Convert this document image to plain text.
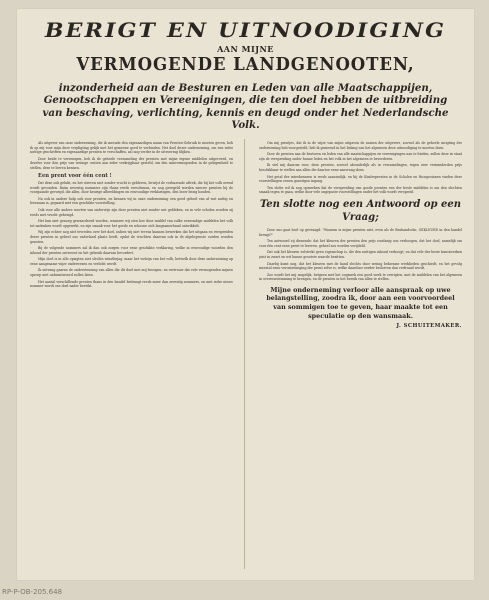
BERIGT EN UITNOODIGING
AAN MIJNE
VERMOGENDE LANDGENOOTEN,
inzonderheid aan de Besturen en Leden van alle Maatschappijen, Genootschappen en Vereenigingen, die ten doel hebben de uitbreiding van beschaving, verlichting, kennis en deugd onder het Nederlandsche Volk.

Als uitgever van onze onderneming, die ik meende den eigenaardigen naam van Prenten-Gebruik te moeten geven, heb ik op mij voor mijn dure verpligting gelijk met het gemeene goed te verbinden. Het doel dezer onderneming, om een ieder nuttige geschriften en eigenaardige prenten te verschaffen, zal nog verder in de uitvoering blijken.

Door beide te vereenigen, heb ik de geheele verzameling der prenten met mijne eigene middelen uitgevoerd, en dezelve voor den prijs van weinige centen aan ieder verkrijgbaar gesteld, om den minvermogenden in de gelegenheid te stellen, deze te leeren kennen.

Een prent voor één cent !

Dat deze ook gelukt, en het streven niet zonder vrucht is gebleven, bewijst de verbazende aftrek, die bij het volk overal wordt gevonden. Ruim zeventig nommers zijn thans reeds verschenen, en nog geregeld worden nieuwe prenten bij de voorgaande gevoegd, die allen, door keurige afbeeldingen en eenvoudige verklaringen, den lezer bezig houden.

Na ook in andere hulp ook voor prenten, en kennen wij in onze onderneming een goed geheel van al wat nuttig en leerzaam is, gepaard met een geschikte voorstelling.

Ook voor alle andere soorten van onderwijs zijn deze prenten niet zonder nut gebleken, en in vele scholen worden zij reeds met vrucht gebezigd.

Het kan niet genoeg gewaardeerd worden, wanneer wij zien hoe door middel van zulke eenvoudige middelen het volk tot nadenken wordt opgewekt, en zijn smaak voor het goede en schoone zich langzamerhand ontwikkelt.

Wij zijn echter nog niet tevreden over het doel, indien wij niet tevens kunnen bewerken dat het uitgaan en verspreiden dezer prenten in geheel ons vaderland plaats heeft, opdat de vruchten daarvan ook in de afgelegenste oorden worden genoten.

Bij de volgende nummers zal ik dan ook zorgen voor eene geschikte verklaring, welke in eenvoudige woorden den inhoud der prenten ontvouwt en het gebruik daarvan bevordert.

Mijn doel is in alle opzigten niet slechts winstbejag, maar het welzijn van het volk, hetwelk door deze onderneming op eene aangename wijze onderwezen en verlicht wordt.

Ik ontvang gaarne de ondersteuning van allen die dit doel met mij beoogen, en vertrouw dat vele vermogenden mijnen oproep niet onbeantwoord zullen laten.

Het aantal verschillende prenten thans in den handel bedraagt reeds meer dan zeventig nommers, en met ieder nieuw nommer wordt ons doel nader bereikt.

Om mij prentjes, dat ik in de wijze van mijne uitgaven de namen der uitgevers, zoowel als de geheele inrigting der onderneming heb voorgesteld, heb ik gemeend in het belang van het algemeen deze uitnoodiging te moeten doen.

Door de prenten aan de besturen en leden van alle maatschappijen en vereenigingen aan te bieden, zullen deze in staat zijn de verspreiding onder hunne leden en het volk in het algemeen te bevorderen.

Ik stel mij daarom voor, deze prenten, zoowel afzonderlijk als in verzamelingen, tegen zeer verminderden prijs beschikbaar te stellen aan allen die daartoe eene aanvraag doen.

Het getal der inteekenaren is reeds aanzienlijk, en bij de Kinderprenten in de Scholen en Huisgezinnen vinden deze voorstellingen eenen gunstigen ingang.

Ten slotte wil ik nog opmerken dat de verspreiding van goede prenten een der beste middelen is om den slechten smaak tegen te gaan, welke door vele ongepaste voorstellingen onder het volk wordt verspreid.

Ten slotte nog een Antwoord op een Vraag;

Door ons gaat heel op gevraagd: "Waarom is mijne prenten niet, even als de Brabandsche, GEKLEURD in den handel brengt?"

Ten antwoord zij dienende: dat het kleuren der prenten den prijs zoodanig zou verhoogen, dat het doel, namelijk om voor één cent eene prent te leveren, geheel zou worden verijdeld.

Dat ook het kleuren volstrekt geen eigenschap is, die den nuttigen inhoud verhoogt; en dat vele der beste kunstwerken juist in zwart en wit hunne grootste waarde bezitten.

Daarbij komt nog, dat het kleuren met de hand slechts door weinig bekwame werklieden geschiedt, en het gevolg meestal eene verontreiniging der prent zelve is, welke daardoor eerder bedorven dan verfraaid wordt.

Zoo wordt het mij mogelijk, hetgeen met het oogmerk een goed werk te verrigten, met de middelen van het algemeen in overeenstemming te brengen, en de prenten in het bereik van allen te stellen.

Mijne onderneming verloor alle aanspraak op uwe belangstelling, zoodra ik, door aan een voorvoordeel van sommigen toe te geven, haar maakte tot een speculatie op den wansmaak.
J. SCHUITEMAKER.
RP-P-OB-205.648
